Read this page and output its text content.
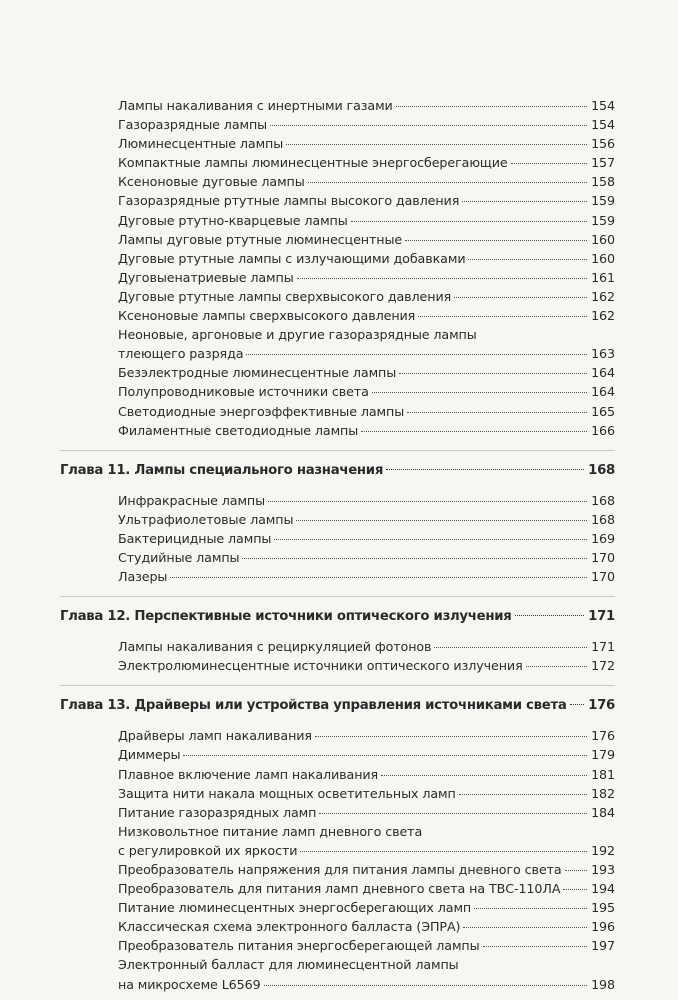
Лампы накаливания с инертными газами	154
Газоразрядные лампы	154
Люминесцентные лампы	156
Компактные лампы люминесцентные энергосберегающие	157
Ксеноновые дуговые лампы	158
Газоразрядные ртутные лампы высокого давления	159
Дуговые ртутно-кварцевые лампы	159
Лампы дуговые ртутные люминесцентные	160
Дуговые ртутные лампы с излучающими добавками	160
Дуговыенатриевые лампы	161
Дуговые ртутные лампы сверхвысокого давления	162
Ксеноновые лампы сверхвысокого давления	162
Неоновые, аргоновые и другие газоразрядные лампы
тлеющего разряда	163
Безэлектродные люминесцентные лампы	164
Полупроводниковые источники света	164
Светодиодные энергоэффективные лампы	165
Филаментные светодиодные лампы	166
Глава 11. Лампы специального назначения	168
Инфракрасные лампы	168
Ультрафиолетовые лампы	168
Бактерицидные лампы	169
Студийные лампы	170
Лазеры	170
Глава 12. Перспективные источники оптического излучения	171
Лампы накаливания с рециркуляцией фотонов	171
Электролюминесцентные источники оптического излучения	172
Глава 13. Драйверы или устройства управления источниками света 176
Драйверы ламп накаливания	176
Диммеры	179
Плавное включение ламп накаливания	181
Защита нити накала мощных осветительных ламп	182
Питание газоразрядных ламп	184
Низковольтное питание ламп дневного света
с регулировкой их яркости	192
Преобразователь напряжения для питания лампы дневного света 193
Преобразователь для питания ламп дневного света на ТВС-110ЛА 194
Питание люминесцентных энергосберегающих ламп	195
Классическая схема электронного балласта (ЭПРА)	196
Преобразователь питания энергосберегающей лампы	197
Электронный балласт для люминесцентной лампы
на микросхеме L6569	198
